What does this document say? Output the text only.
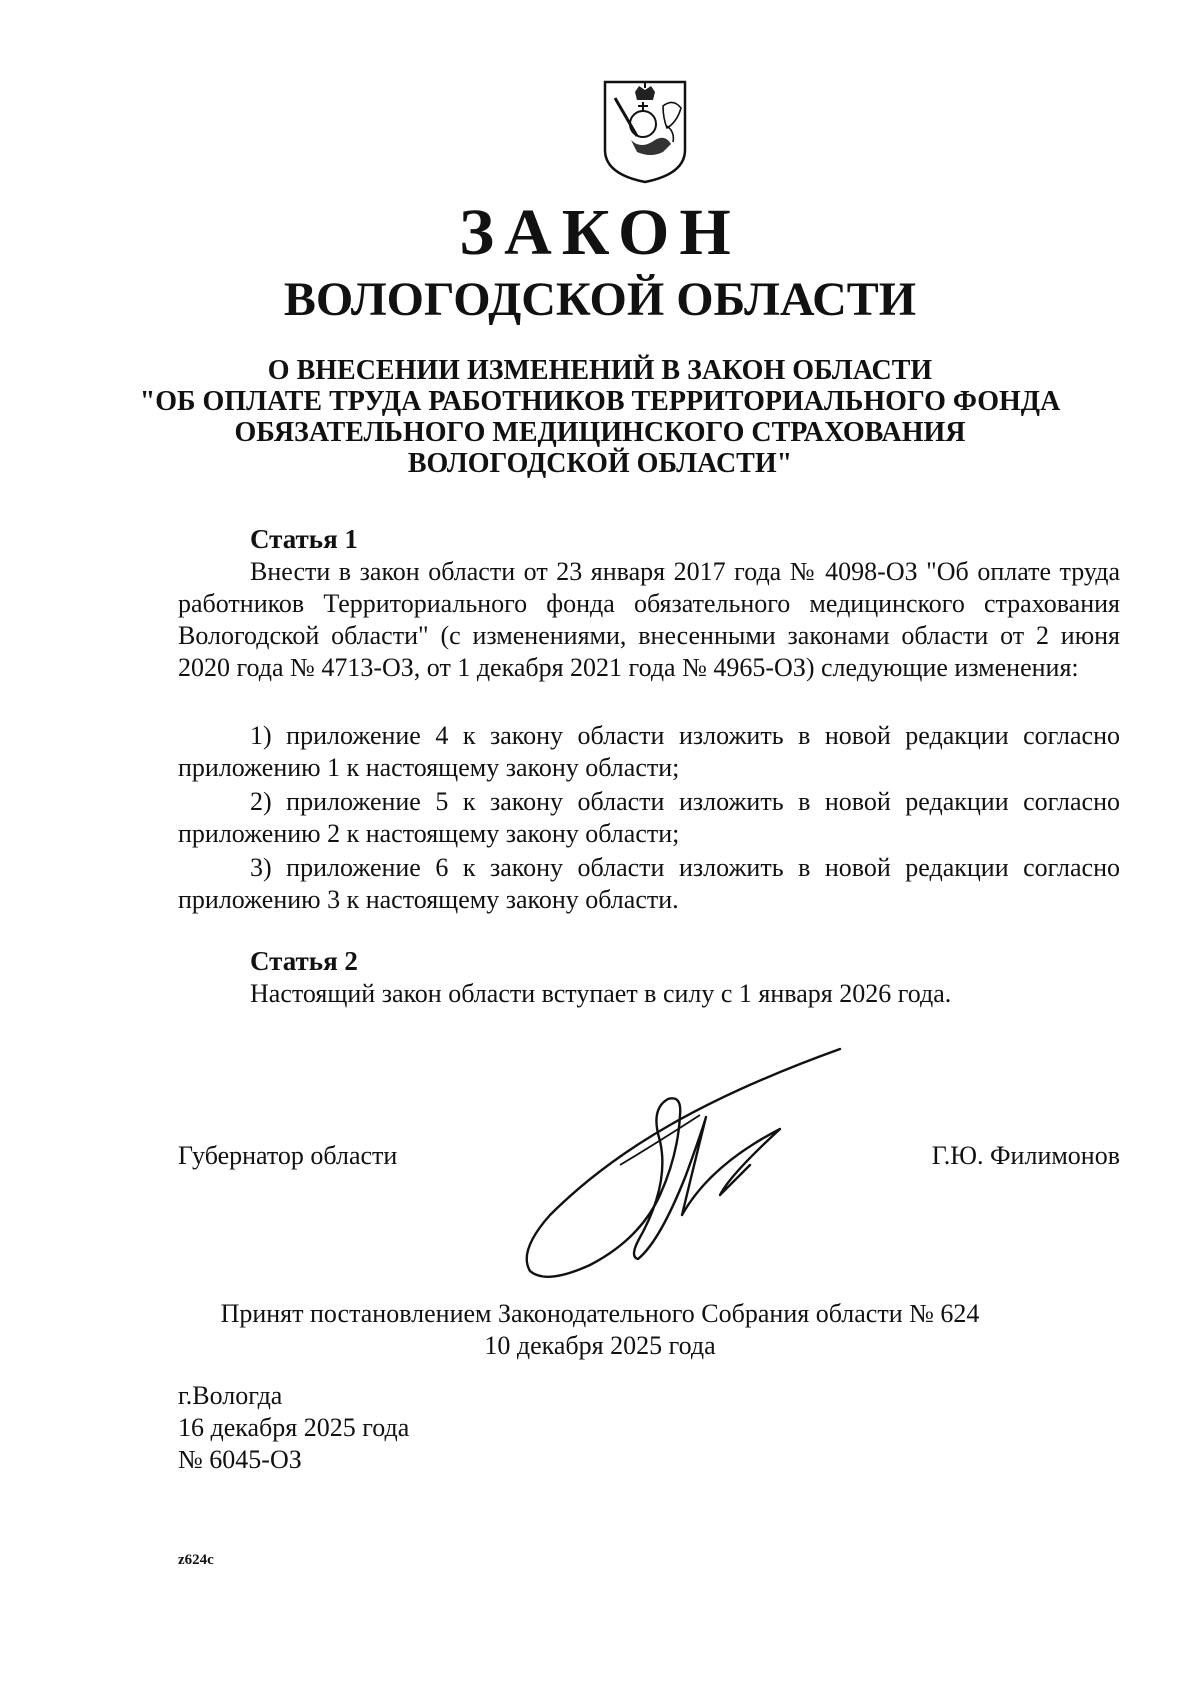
ЗАКОН
ВОЛОГОДСКОЙ ОБЛАСТИ
О ВНЕСЕНИИ ИЗМЕНЕНИЙ В ЗАКОН ОБЛАСТИ
"ОБ ОПЛАТЕ ТРУДА РАБОТНИКОВ ТЕРРИТОРИАЛЬНОГО ФОНДА
ОБЯЗАТЕЛЬНОГО МЕДИЦИНСКОГО СТРАХОВАНИЯ
ВОЛОГОДСКОЙ ОБЛАСТИ"
Статья 1

Внести в закон области от 23 января 2017 года № 4098-ОЗ "Об оплате труда работников Территориального фонда обязательного медицинского страхования Вологодской области" (с изменениями, внесенными законами области от 2 июня 2020 года № 4713-ОЗ, от 1 декабря 2021 года № 4965-ОЗ) следующие изменения:

1) приложение 4 к закону области изложить в новой редакции согласно приложению 1 к настоящему закону области;

2) приложение 5 к закону области изложить в новой редакции согласно приложению 2 к настоящему закону области;

3) приложение 6 к закону области изложить в новой редакции согласно приложению 3 к настоящему закону области.

Статья 2
Настоящий закон области вступает в силу с 1 января 2026 года.
Губернатор области	Г.Ю. Филимонов
Принят постановлением Законодательного Собрания области № 624
10 декабря 2025 года
г.Вологда
16 декабря 2025 года
№ 6045-ОЗ
z624c
